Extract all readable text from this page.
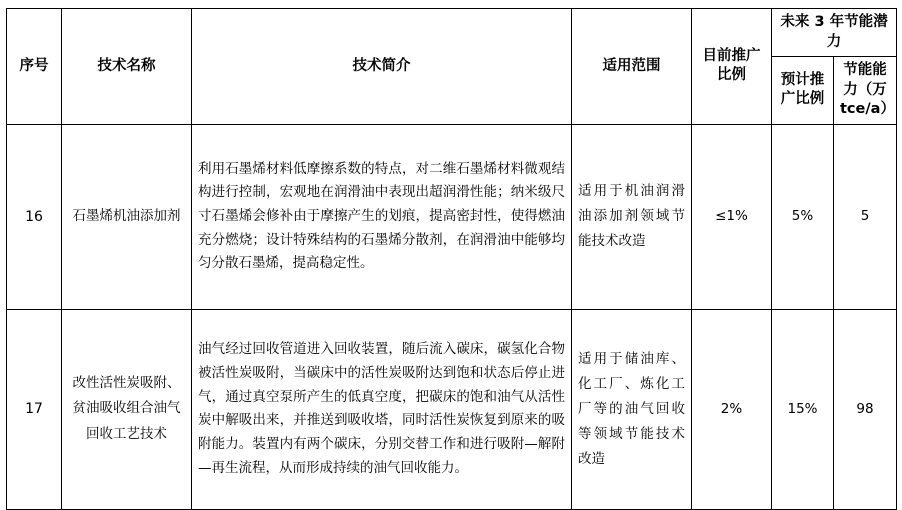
序号	技术名称	技术简介	适用范围	目前推广比例	未来 3 年节能潜力	
					预计推广比例	节能能力（万 tce/a）
16	石墨烯机油添加剂	利用石墨烯材料低摩擦系数的特点，对二维石墨烯材料微观结构进行控制，宏观地在润滑油中表现出超润滑性能；纳米级尺寸石墨烯会修补由于摩擦产生的划痕，提高密封性，使得燃油充分燃烧；设计特殊结构的石墨烯分散剂，在润滑油中能够均匀分散石墨烯，提高稳定性。	适用于机油润滑油添加剂领域节能技术改造	≤1%	5%	5
17	改性活性炭吸附、贫油吸收组合油气回收工艺技术	油气经过回收管道进入回收装置，随后流入碳床，碳氢化合物被活性炭吸附，当碳床中的活性炭吸附达到饱和状态后停止进气，通过真空泵所产生的低真空度，把碳床的饱和油气从活性炭中解吸出来，并推送到吸收塔，同时活性炭恢复到原来的吸附能力。装置内有两个碳床，分别交替工作和进行吸附—解附—再生流程，从而形成持续的油气回收能力。	适用于储油库、化工厂、炼化工厂等的油气回收等领域节能技术改造	2%	15%	98
